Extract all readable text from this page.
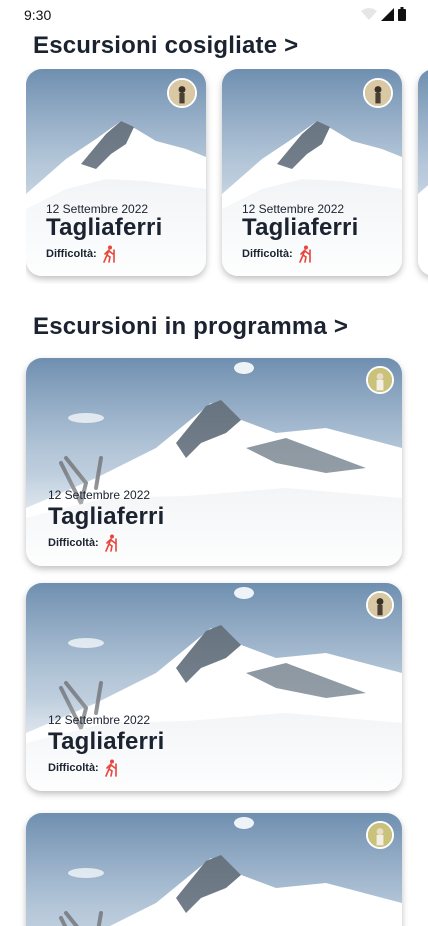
9:30
Escursioni cosigliate >
12 Settembre 2022
Tagliaferri
Difficoltà:
12 Settembre 2022
Tagliaferri
Difficoltà:
Escursioni in programma >
12 Settembre 2022
Tagliaferri
Difficoltà:
12 Settembre 2022
Tagliaferri
Difficoltà:
